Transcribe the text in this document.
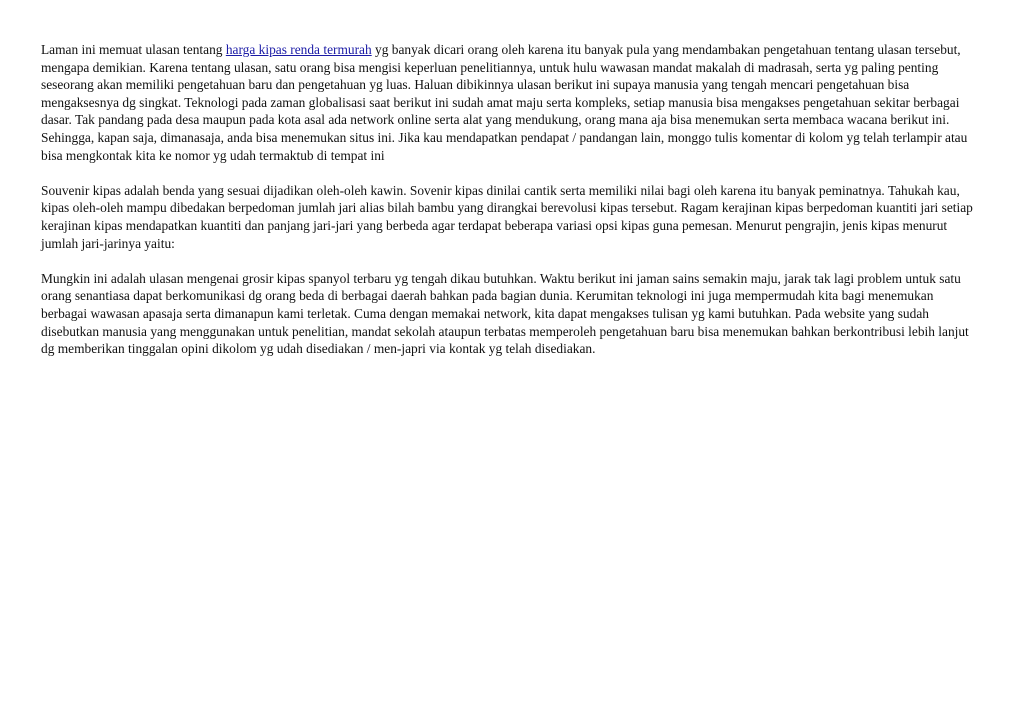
Laman ini memuat ulasan tentang harga kipas renda termurah yg banyak dicari orang oleh karena itu banyak pula yang mendambakan pengetahuan tentang ulasan tersebut, mengapa demikian. Karena tentang ulasan, satu orang bisa mengisi keperluan penelitiannya, untuk hulu wawasan mandat makalah di madrasah, serta yg paling penting seseorang akan memiliki pengetahuan baru dan pengetahuan yg luas. Haluan dibikinnya ulasan berikut ini supaya manusia yang tengah mencari pengetahuan bisa mengaksesnya dg singkat. Teknologi pada zaman globalisasi saat berikut ini sudah amat maju serta kompleks, setiap manusia bisa mengakses pengetahuan sekitar berbagai dasar. Tak pandang pada desa maupun pada kota asal ada network online serta alat yang mendukung, orang mana aja bisa menemukan serta membaca wacana berikut ini. Sehingga, kapan saja, dimanasaja, anda bisa menemukan situs ini. Jika kau mendapatkan pendapat / pandangan lain, monggo tulis komentar di kolom yg telah terlampir atau bisa mengkontak kita ke nomor yg udah termaktub di tempat ini

Souvenir kipas adalah benda yang sesuai dijadikan oleh-oleh kawin. Sovenir kipas dinilai cantik serta memiliki nilai bagi oleh karena itu banyak peminatnya. Tahukah kau, kipas oleh-oleh mampu dibedakan berpedoman jumlah jari alias bilah bambu yang dirangkai berevolusi kipas tersebut. Ragam kerajinan kipas berpedoman kuantiti jari setiap kerajinan kipas mendapatkan kuantiti dan panjang jari-jari yang berbeda agar terdapat beberapa variasi opsi kipas guna pemesan. Menurut pengrajin, jenis kipas menurut jumlah jari-jarinya yaitu:

Mungkin ini adalah ulasan mengenai grosir kipas spanyol terbaru yg tengah dikau butuhkan. Waktu berikut ini jaman sains semakin maju, jarak tak lagi problem untuk satu orang senantiasa dapat berkomunikasi dg orang beda di berbagai daerah bahkan pada bagian dunia. Kerumitan teknologi ini juga mempermudah kita bagi menemukan berbagai wawasan apasaja serta dimanapun kami terletak. Cuma dengan memakai network, kita dapat mengakses tulisan yg kami butuhkan. Pada website yang sudah disebutkan manusia yang menggunakan untuk penelitian, mandat sekolah ataupun terbatas memperoleh pengetahuan baru bisa menemukan bahkan berkontribusi lebih lanjut dg memberikan tinggalan opini dikolom yg udah disediakan / men-japri via kontak yg telah disediakan.
